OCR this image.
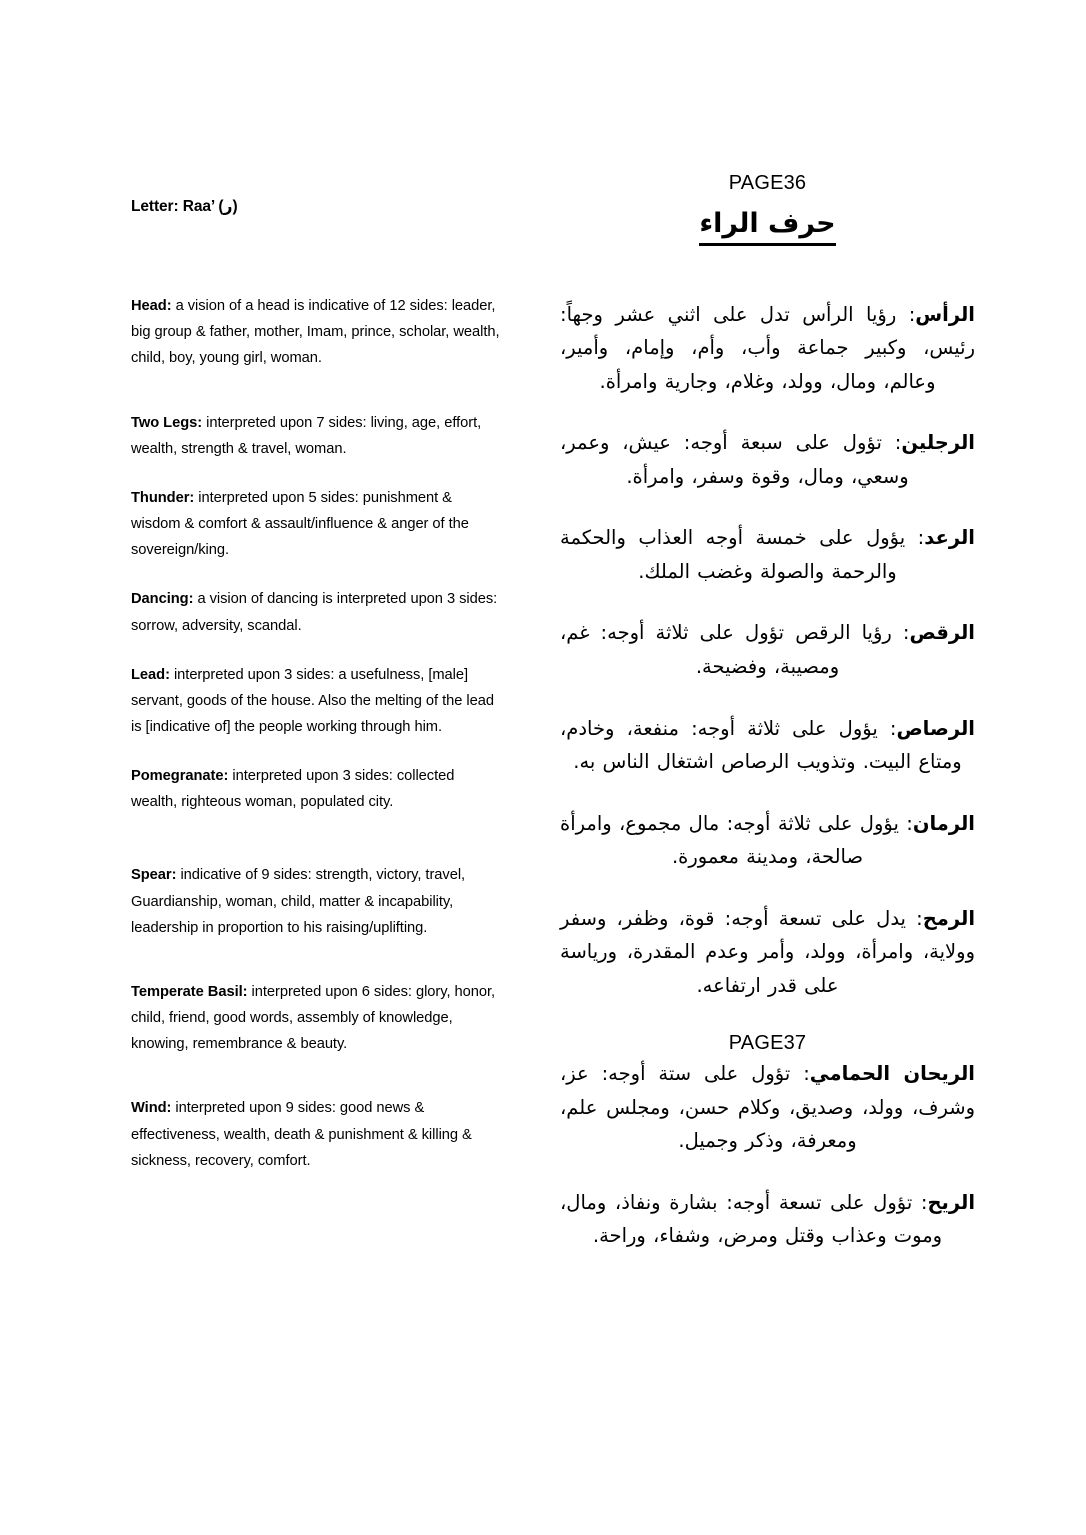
Letter: Raa’ (ر)

Head: a vision of a head is indicative of 12 sides: leader, big group & father, mother, Imam, prince, scholar, wealth, child, boy, young girl, woman.

Two Legs: interpreted upon 7 sides: living, age, effort, wealth, strength & travel, woman.

Thunder: interpreted upon 5 sides: punishment & wisdom & comfort & assault/influence & anger of the sovereign/king.

Dancing: a vision of dancing is interpreted upon 3 sides: sorrow, adversity, scandal.

Lead: interpreted upon 3 sides: a usefulness, [male] servant, goods of the house. Also the melting of the lead is [indicative of] the people working through him.

Pomegranate: interpreted upon 3 sides: collected wealth, righteous woman, populated city.

Spear: indicative of 9 sides: strength, victory, travel, Guardianship, woman, child, matter & incapability, leadership in proportion to his raising/uplifting.

Temperate Basil: interpreted upon 6 sides: glory, honor, child, friend, good words, assembly of knowledge, knowing, remembrance & beauty.

Wind: interpreted upon 9 sides: good news & effectiveness, wealth, death & punishment & killing & sickness, recovery, comfort.

PAGE36

حرف الراء

الرأس: رؤيا الرأس تدل على اثني عشر وجهاً: رئيس، وكبير جماعة وأب، وأم، وإمام، وأمير، وعالم، ومال، وولد، وغلام، وجارية وامرأة.

الرجلين: تؤول على سبعة أوجه: عيش، وعمر، وسعي، ومال، وقوة وسفر، وامرأة.

الرعد: يؤول على خمسة أوجه العذاب والحكمة والرحمة والصولة وغضب الملك.

الرقص: رؤيا الرقص تؤول على ثلاثة أوجه: غم، ومصيبة، وفضيحة.

الرصاص: يؤول على ثلاثة أوجه: منفعة، وخادم، ومتاع البيت. وتذويب الرصاص اشتغال الناس به.

الرمان: يؤول على ثلاثة أوجه: مال مجموع، وامرأة صالحة، ومدينة معمورة.

الرمح: يدل على تسعة أوجه: قوة، وظفر، وسفر وولاية، وامرأة، وولد، وأمر وعدم المقدرة، ورياسة على قدر ارتفاعه.

PAGE37

الريحان الحمامي: تؤول على ستة أوجه: عز، وشرف، وولد، وصديق، وكلام حسن، ومجلس علم، ومعرفة، وذكر وجميل.

الريح: تؤول على تسعة أوجه: بشارة ونفاذ، ومال، وموت وعذاب وقتل ومرض، وشفاء، وراحة.
